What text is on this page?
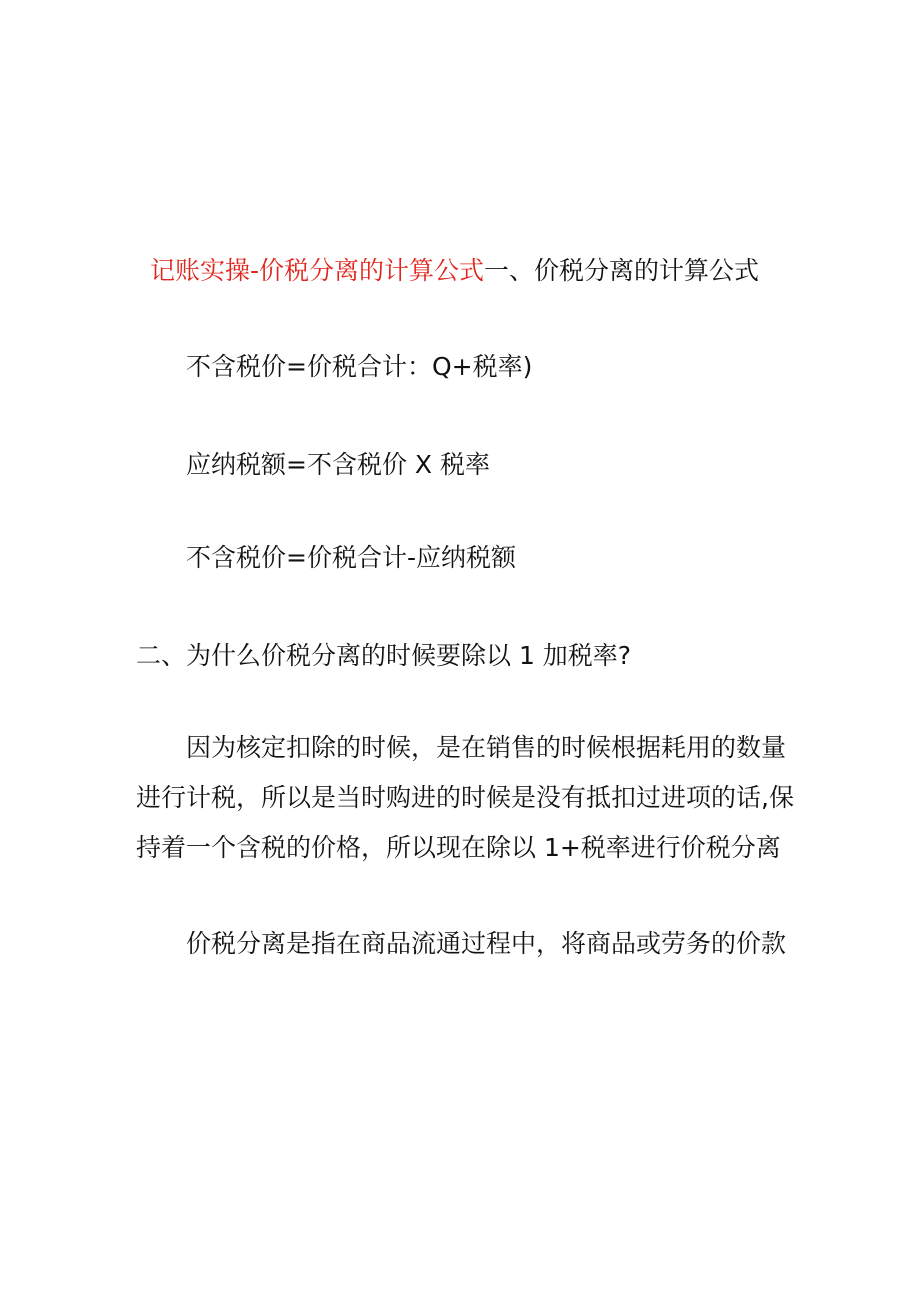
记账实操-价税分离的计算公式一、价税分离的计算公式
不含税价=价税合计：Q+税率)
应纳税额=不含税价 X 税率
不含税价=价税合计-应纳税额
二、为什么价税分离的时候要除以 1 加税率?
因为核定扣除的时候，是在销售的时候根据耗用的数量
进行计税，所以是当时购进的时候是没有抵扣过进项的话,保
持着一个含税的价格，所以现在除以 1+税率进行价税分离
价税分离是指在商品流通过程中，将商品或劳务的价款
